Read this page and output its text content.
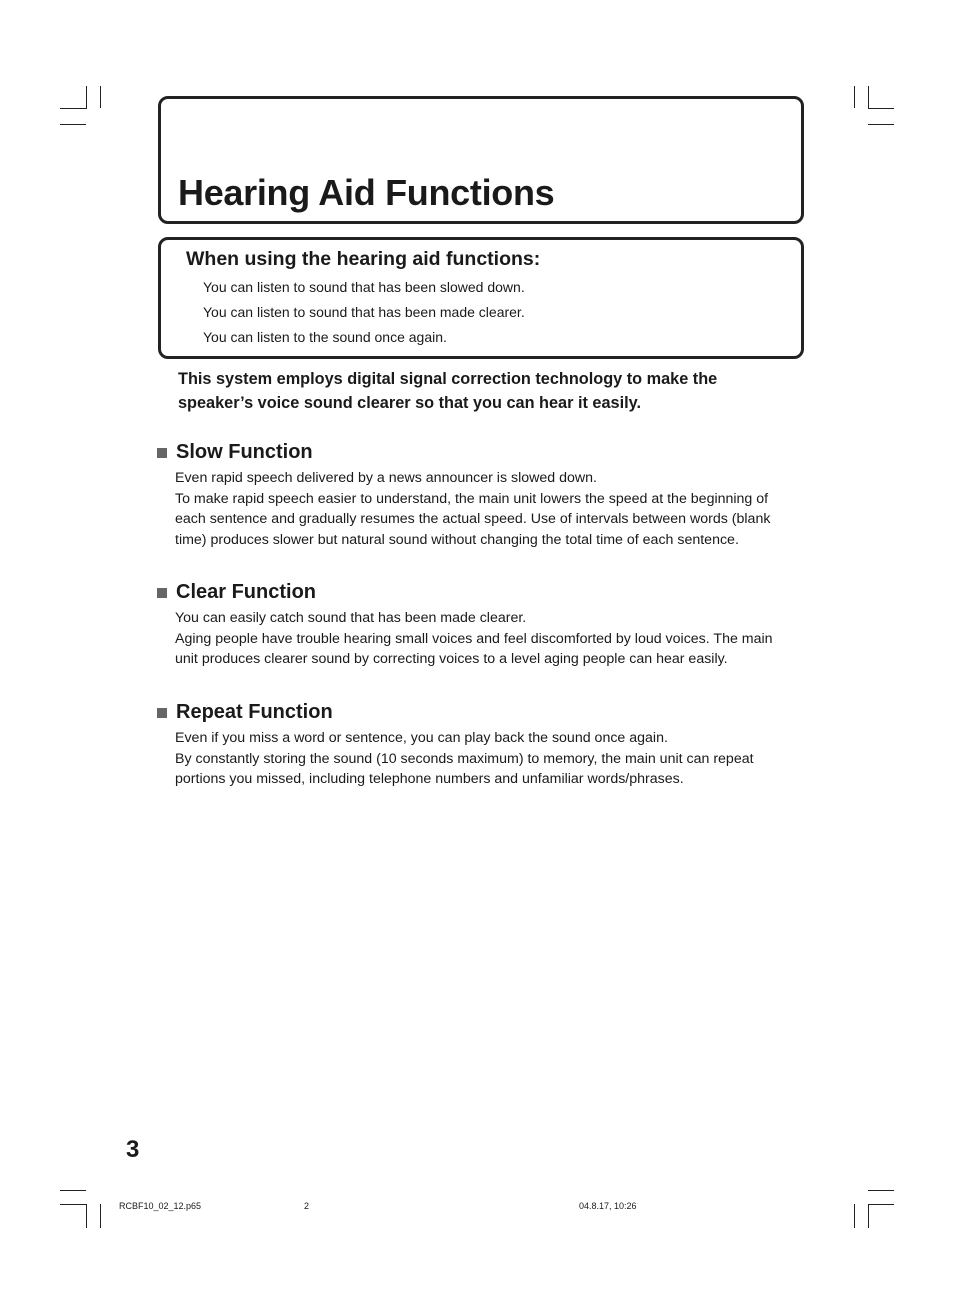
Hearing Aid Functions
When using the hearing aid functions:

You can listen to sound that has been slowed down.

You can listen to sound that has been made clearer.

You can listen to the sound once again.

This system employs digital signal correction technology to make the
speaker’s voice sound clearer so that you can hear it easily.

Slow Function

Even rapid speech delivered by a news announcer is slowed down.
To make rapid speech easier to understand, the main unit lowers the speed at the beginning of
each sentence and gradually resumes the actual speed. Use of intervals between words (blank
time) produces slower but natural sound without changing the total time of each sentence.

Clear Function

You can easily catch sound that has been made clearer.
Aging people have trouble hearing small voices and feel discomforted by loud voices. The main
unit produces clearer sound by correcting voices to a level aging people can hear easily.

Repeat Function

Even if you miss a word or sentence, you can play back the sound once again.
By constantly storing the sound (10 seconds maximum) to memory, the main unit can repeat
portions you missed, including telephone numbers and unfamiliar words/phrases.

3

RCBF10_02_12.p65	2	04.8.17, 10:26
